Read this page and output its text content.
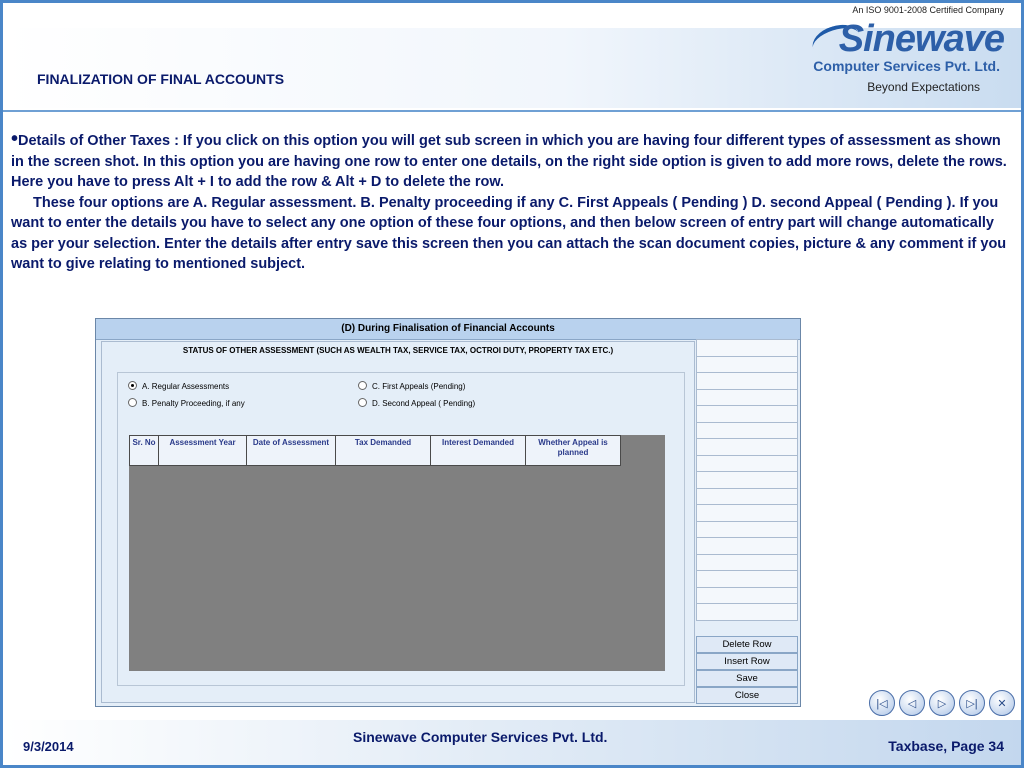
An ISO 9001-2008 Certified Company
Sinewave
Computer Services Pvt. Ltd.
Beyond Expectations
FINALIZATION OF FINAL ACCOUNTS

•Details of Other Taxes : If you click on this option you will get sub screen in which you are having four different types of assessment as shown in the screen shot. In this option you are having one row to enter one details, on the right side option is given to add more rows, delete the rows. Here you have to press Alt + I to add the row & Alt + D to delete the row.

These four options are A. Regular assessment. B. Penalty proceeding if any C. First Appeals ( Pending ) D. second Appeal ( Pending ). If you want to enter the details you have to select any one option of these four options, and then below screen of entry part will change automatically as per your selection. Enter the details after entry save this screen then you can attach the scan document copies, picture & any comment if you want to give relating to mentioned subject.

(D) During Finalisation of Financial Accounts
STATUS OF OTHER ASSESSMENT (SUCH AS WEALTH TAX, SERVICE TAX, OCTROI DUTY, PROPERTY TAX ETC.)
A. Regular Assessments	C. First Appeals (Pending)
B. Penalty Proceeding, if any	D. Second Appeal ( Pending)
Sr. No	Assessment Year	Date of Assessment	Tax Demanded	Interest Demanded	Whether Appeal is planned
Delete Row
Insert Row
Save
Close
|◁	◁	▷	▷|	✕
9/3/2014
Sinewave Computer Services Pvt. Ltd.
Taxbase, Page 34
